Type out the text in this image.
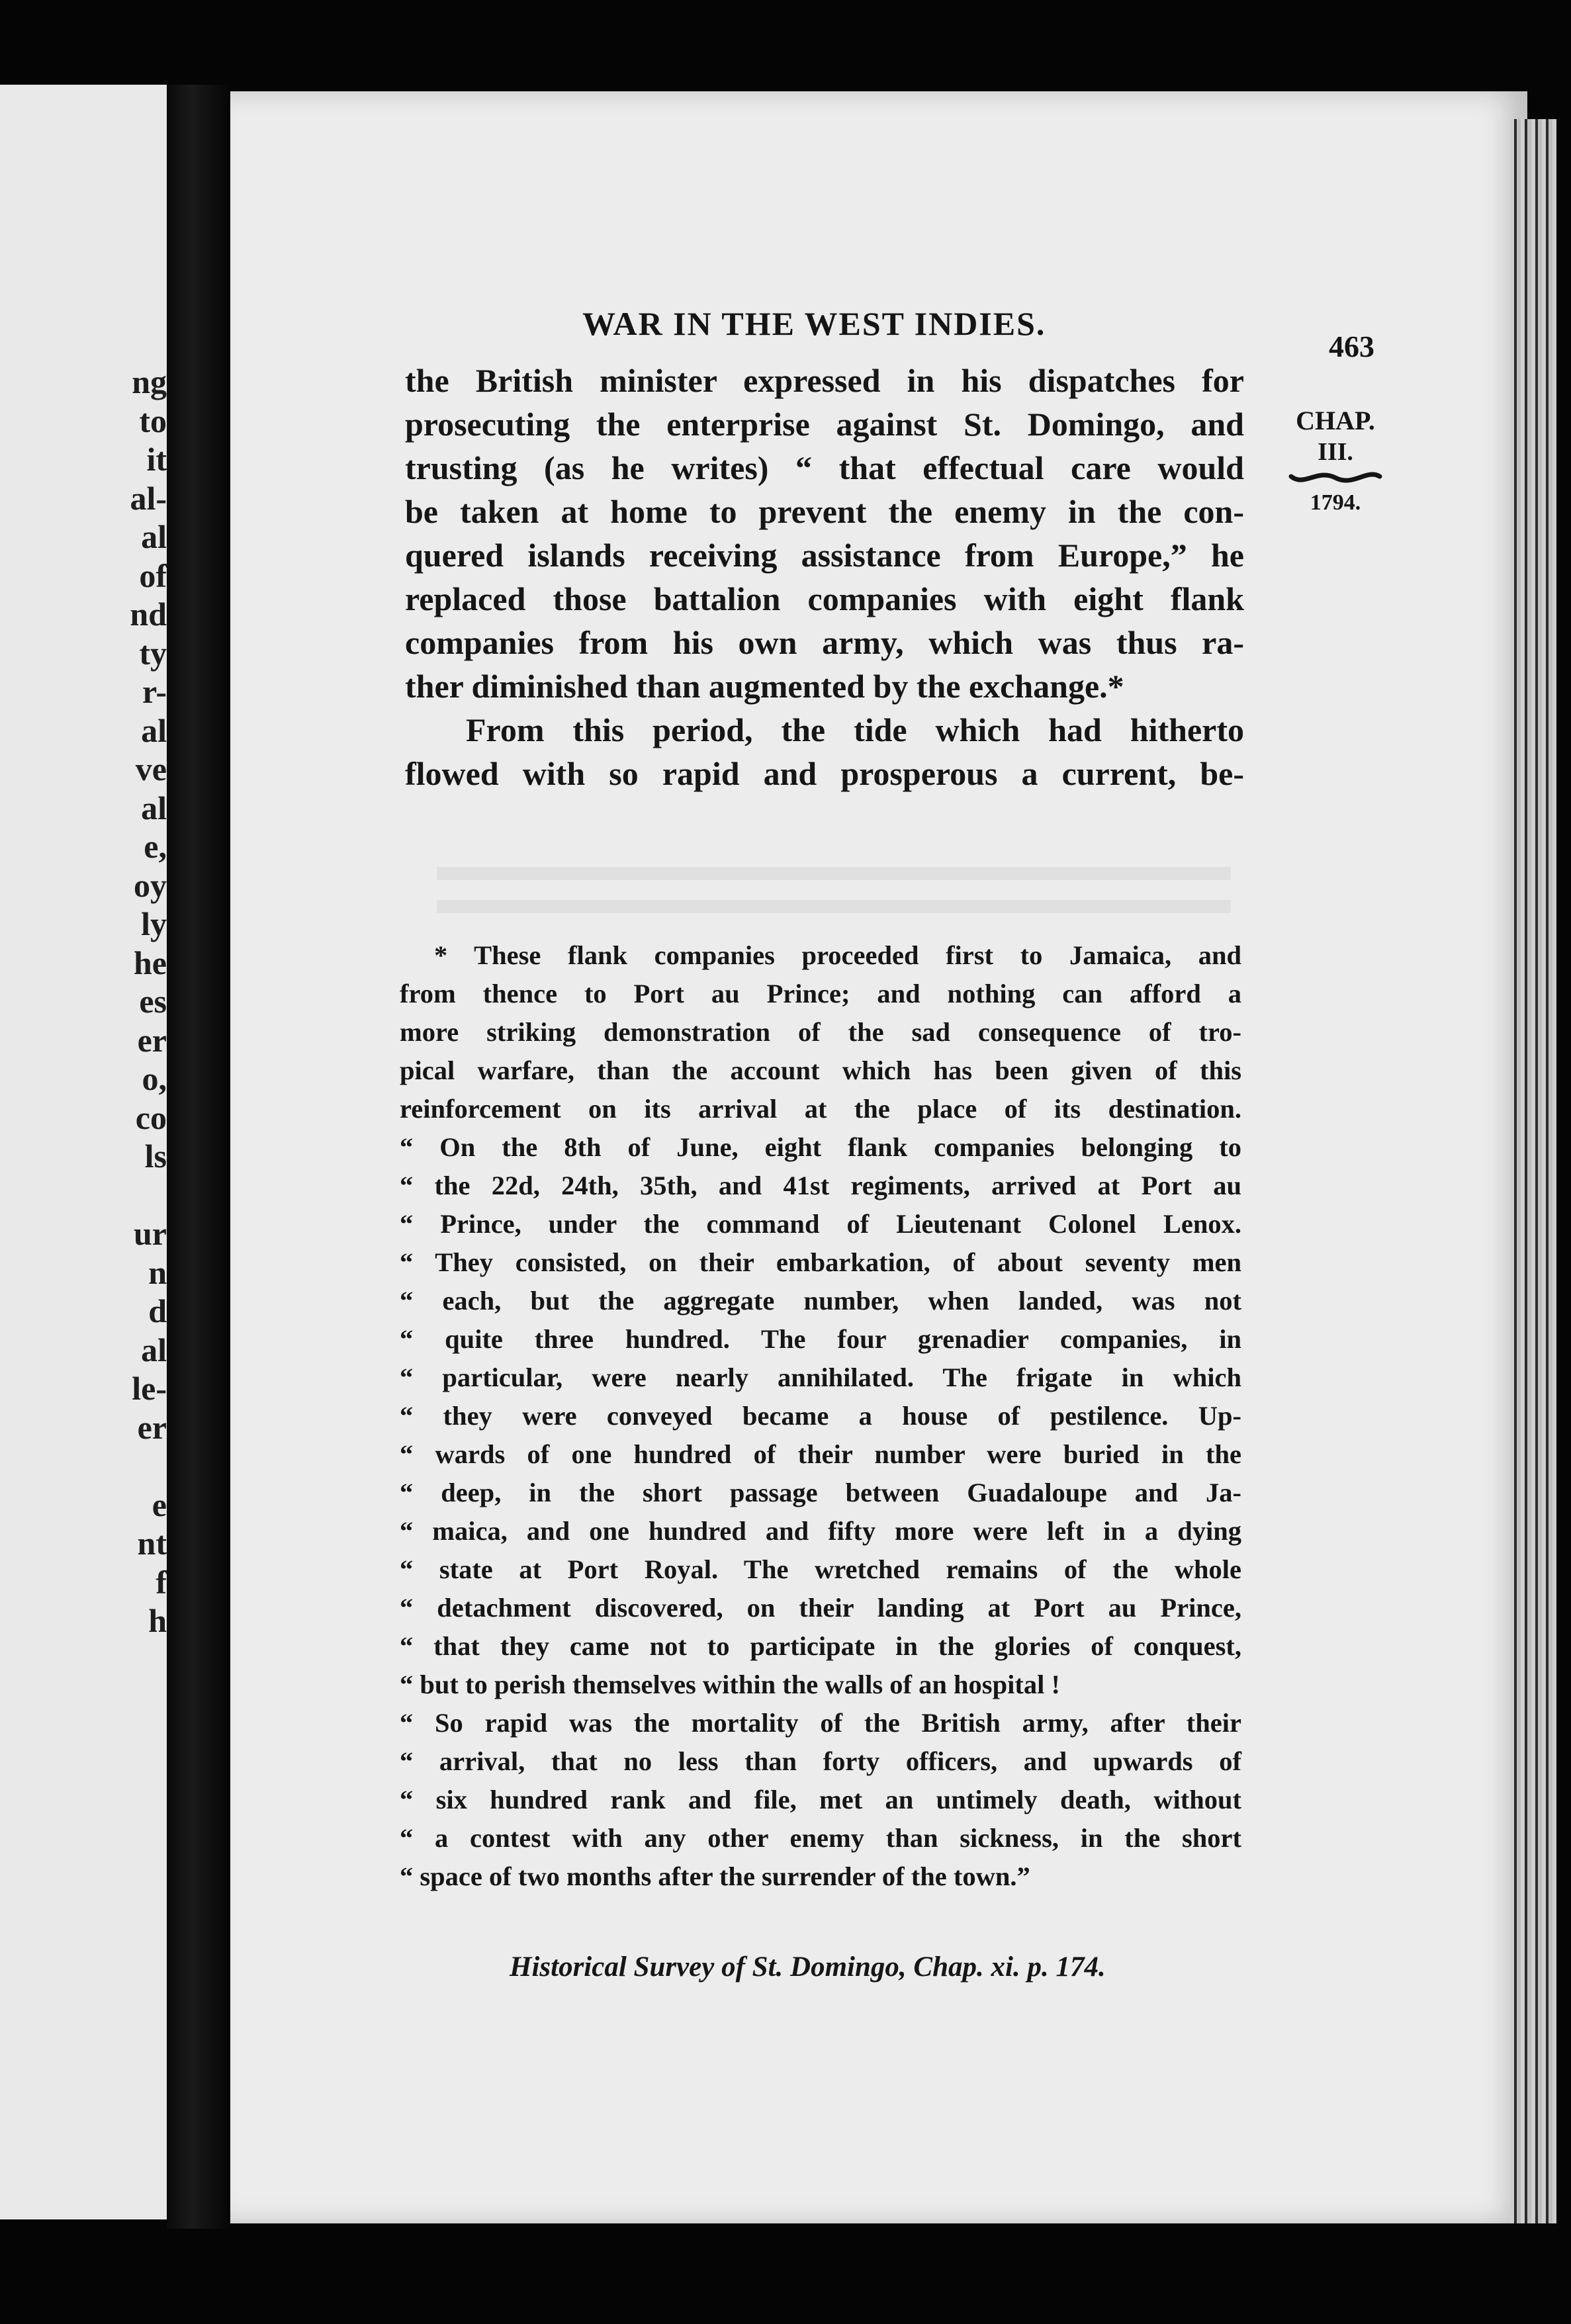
ng
to
it
al-
al
of
nd
ty
r-
al
ve
al
e,
oy
ly
he
es
er
o,
co
ls
ur
n
d
al
le-
er
e
nt
f
h
WAR IN THE WEST INDIES.
463
CHAP.
III.
1794.
the British minister expressed in his dispatches for
prosecuting the enterprise against St. Domingo, and
trusting (as he writes) “ that effectual care would
be taken at home to prevent the enemy in the con-
quered islands receiving assistance from Europe,” he
replaced those battalion companies with eight flank
companies from his own army, which was thus ra-
ther diminished than augmented by the exchange.*
From this period, the tide which had hitherto
flowed with so rapid and prosperous a current, be-
* These flank companies proceeded first to Jamaica, and
from thence to Port au Prince; and nothing can afford a
more striking demonstration of the sad consequence of tro-
pical warfare, than the account which has been given of this
reinforcement on its arrival at the place of its destination.
“ On the 8th of June, eight flank companies belonging to
“ the 22d, 24th, 35th, and 41st regiments, arrived at Port au
“ Prince, under the command of Lieutenant Colonel Lenox.
“ They consisted, on their embarkation, of about seventy men
“ each, but the aggregate number, when landed, was not
“ quite three hundred. The four grenadier companies, in
“ particular, were nearly annihilated. The frigate in which
“ they were conveyed became a house of pestilence. Up-
“ wards of one hundred of their number were buried in the
“ deep, in the short passage between Guadaloupe and Ja-
“ maica, and one hundred and fifty more were left in a dying
“ state at Port Royal. The wretched remains of the whole
“ detachment discovered, on their landing at Port au Prince,
“ that they came not to participate in the glories of conquest,
“ but to perish themselves within the walls of an hospital !
“ So rapid was the mortality of the British army, after their
“ arrival, that no less than forty officers, and upwards of
“ six hundred rank and file, met an untimely death, without
“ a contest with any other enemy than sickness, in the short
“ space of two months after the surrender of the town.”
Historical Survey of St. Domingo, Chap. xi. p. 174.
